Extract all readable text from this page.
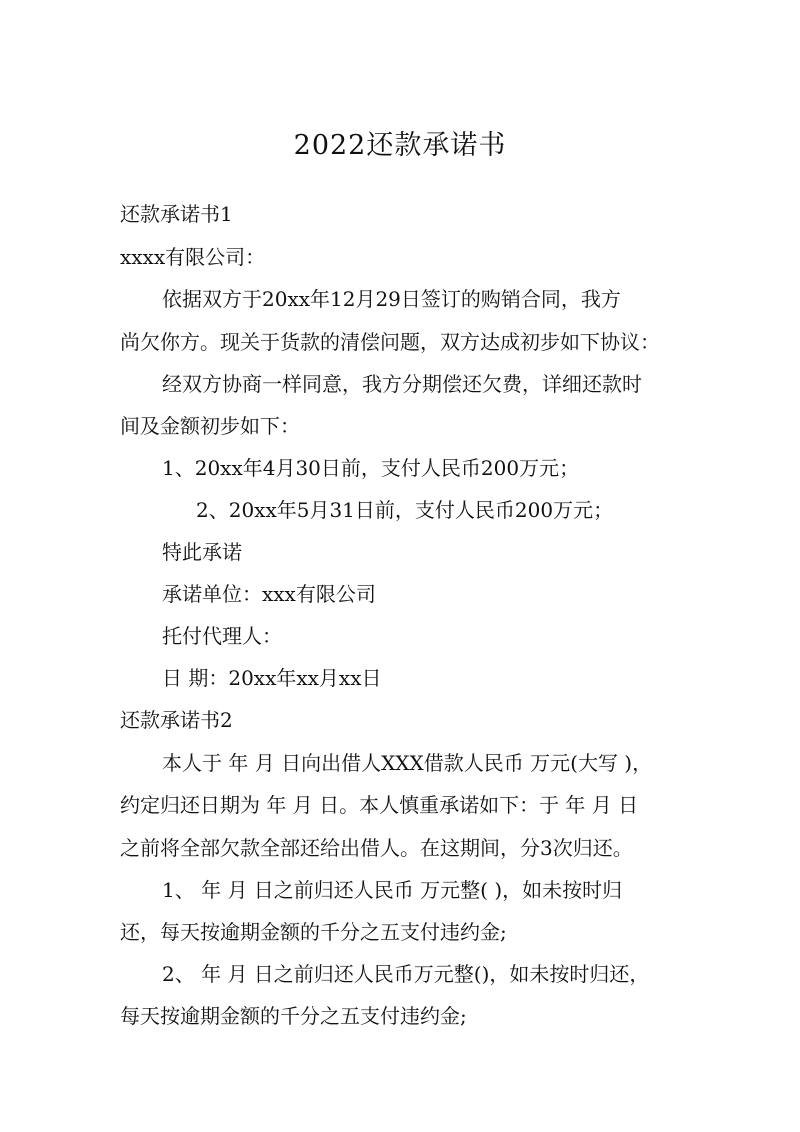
2022还款承诺书
还款承诺书1
xxxx有限公司：
依据双方于20xx年12月29日签订的购销合同，我方
尚欠你方。现关于货款的清偿问题，双方达成初步如下协议：
经双方协商一样同意，我方分期偿还欠费，详细还款时
间及金额初步如下：
1、20xx年4月30日前，支付人民币200万元；
2、20xx年5月31日前，支付人民币200万元；
特此承诺
承诺单位：xxx有限公司
托付代理人：
日 期：20xx年xx月xx日
还款承诺书2
本人于 年 月 日向出借人XXX借款人民币 万元(大写 )，
约定归还日期为 年 月 日。本人慎重承诺如下：于 年 月 日
之前将全部欠款全部还给出借人。在这期间，分3次归还。
1、 年 月 日之前归还人民币 万元整( )，如未按时归
还，每天按逾期金额的千分之五支付违约金;
2、 年 月 日之前归还人民币万元整()，如未按时归还，
每天按逾期金额的千分之五支付违约金;
